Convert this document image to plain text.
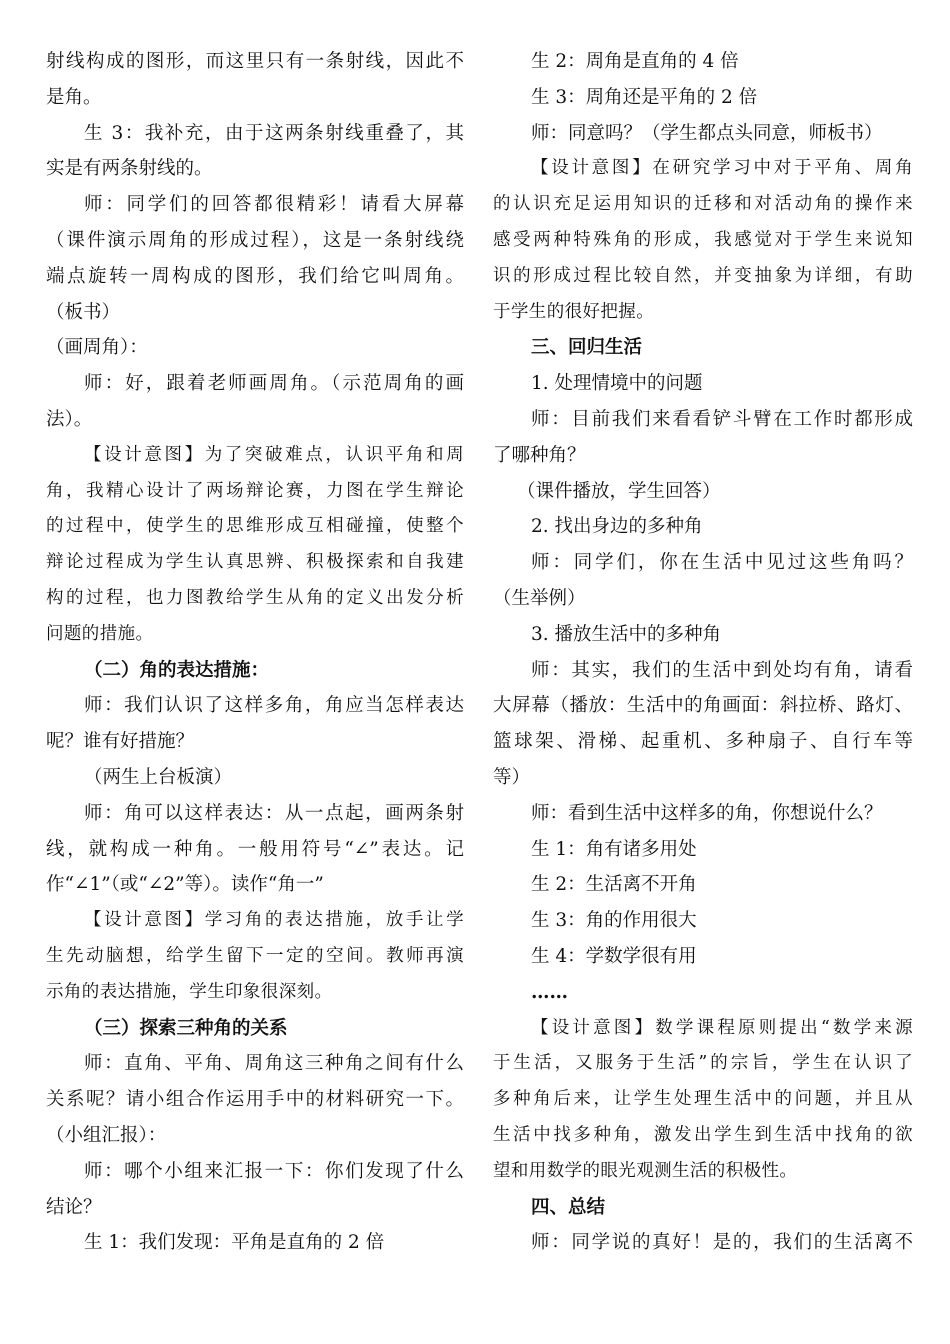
射线构成的图形，而这里只有一条射线，因此不
是角。
生 3：我补充，由于这两条射线重叠了，其
实是有两条射线的。
师：同学们的回答都很精彩！请看大屏幕
（课件演示周角的形成过程），这是一条射线绕
端点旋转一周构成的图形，我们给它叫周角。
（板书）
（画周角）：
师：好，跟着老师画周角。（示范周角的画
法）。
【设计意图】为了突破难点，认识平角和周
角，我精心设计了两场辩论赛，力图在学生辩论
的过程中，使学生的思维形成互相碰撞，使整个
辩论过程成为学生认真思辨、积极探索和自我建
构的过程，也力图教给学生从角的定义出发分析
问题的措施。
（二）角的表达措施：
师：我们认识了这样多角，角应当怎样表达
呢？谁有好措施？
（两生上台板演）
师：角可以这样表达：从一点起，画两条射
线，就构成一种角。一般用符号“∠”表达。记
作“∠1”（或“∠2”等）。读作“角一”
【设计意图】学习角的表达措施，放手让学
生先动脑想，给学生留下一定的空间。教师再演
示角的表达措施，学生印象很深刻。
（三）探索三种角的关系
师：直角、平角、周角这三种角之间有什么
关系呢？请小组合作运用手中的材料研究一下。
（小组汇报）：
师：哪个小组来汇报一下：你们发现了什么
结论？
生 1：我们发现：平角是直角的 2 倍
生 2：周角是直角的 4 倍
生 3：周角还是平角的 2 倍
师：同意吗？（学生都点头同意，师板书）
【设计意图】在研究学习中对于平角、周角
的认识充足运用知识的迁移和对活动角的操作来
感受两种特殊角的形成，我感觉对于学生来说知
识的形成过程比较自然，并变抽象为详细，有助
于学生的很好把握。
三、回归生活
1. 处理情境中的问题
师：目前我们来看看铲斗臂在工作时都形成
了哪种角？
（课件播放，学生回答）
2. 找出身边的多种角
师：同学们，你在生活中见过这些角吗？
（生举例）
3. 播放生活中的多种角
师：其实，我们的生活中到处均有角，请看
大屏幕（播放：生活中的角画面：斜拉桥、路灯、
篮球架、滑梯、起重机、多种扇子、自行车等
等）
师：看到生活中这样多的角，你想说什么？
生 1：角有诸多用处
生 2：生活离不开角
生 3：角的作用很大
生 4：学数学很有用
……
【设计意图】数学课程原则提出“数学来源
于生活，又服务于生活”的宗旨，学生在认识了
多种角后来，让学生处理生活中的问题，并且从
生活中找多种角，激发出学生到生活中找角的欲
望和用数学的眼光观测生活的积极性。
四、总结
师：同学说的真好！是的，我们的生活离不
